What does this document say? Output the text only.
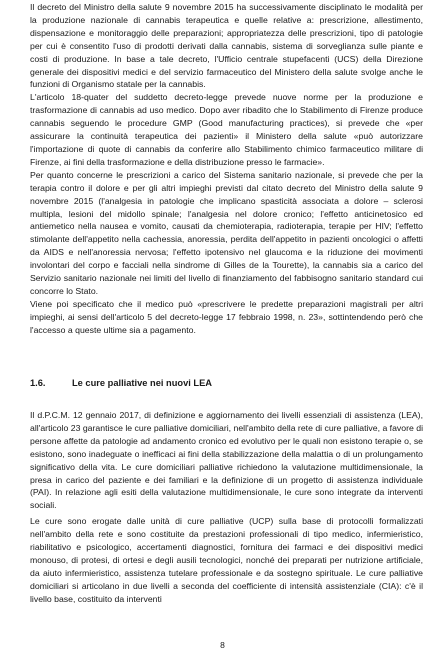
Il decreto del Ministro della salute 9 novembre 2015 ha successivamente disciplinato le modalità per la produzione nazionale di cannabis terapeutica e quelle relative a: prescrizione, allestimento, dispensazione e monitoraggio delle preparazioni; appropriatezza delle prescrizioni, tipo di patologie per cui è consentito l'uso di prodotti derivati dalla cannabis, sistema di sorveglianza sulle piante e costi di produzione. In base a tale decreto, l'Ufficio centrale stupefacenti (UCS) della Direzione generale dei dispositivi medici e del servizio farmaceutico del Ministero della salute svolge anche le funzioni di Organismo statale per la cannabis.

L'articolo 18-quater del suddetto decreto-legge prevede nuove norme per la produzione e trasformazione di cannabis ad uso medico. Dopo aver ribadito che lo Stabilimento di Firenze produce cannabis seguendo le procedure GMP (Good manufacturing practices), si prevede che «per assicurare la continuità terapeutica dei pazienti» il Ministero della salute «può autorizzare l'importazione di quote di cannabis da conferire allo Stabilimento chimico farmaceutico militare di Firenze, ai fini della trasformazione e della distribuzione presso le farmacie».

Per quanto concerne le prescrizioni a carico del Sistema sanitario nazionale, si prevede che per la terapia contro il dolore e per gli altri impieghi previsti dal citato decreto del Ministro della salute 9 novembre 2015 (l'analgesia in patologie che implicano spasticità associata a dolore – sclerosi multipla, lesioni del midollo spinale; l'analgesia nel dolore cronico; l'effetto anticinetosico ed antiemetico nella nausea e vomito, causati da chemioterapia, radioterapia, terapie per HIV; l'effetto stimolante dell'appetito nella cachessia, anoressia, perdita dell'appetito in pazienti oncologici o affetti da AIDS e nell'anoressia nervosa; l'effetto ipotensivo nel glaucoma e la riduzione dei movimenti involontari del corpo e facciali nella sindrome di Gilles de la Tourette), la cannabis sia a carico del Servizio sanitario nazionale nei limiti del livello di finanziamento del fabbisogno sanitario standard cui concorre lo Stato.

Viene poi specificato che il medico può «prescrivere le predette preparazioni magistrali per altri impieghi, ai sensi dell'articolo 5 del decreto-legge 17 febbraio 1998, n. 23», sottintendendo però che l'accesso a queste ultime sia a pagamento.

1.6.	Le cure palliative nei nuovi LEA

Il d.P.C.M. 12 gennaio 2017, di definizione e aggiornamento dei livelli essenziali di assistenza (LEA), all'articolo 23 garantisce le cure palliative domiciliari, nell'ambito della rete di cure palliative, a favore di persone affette da patologie ad andamento cronico ed evolutivo per le quali non esistono terapie o, se esistono, sono inadeguate o inefficaci ai fini della stabilizzazione della malattia o di un prolungamento significativo della vita. Le cure domiciliari palliative richiedono la valutazione multidimensionale, la presa in carico del paziente e dei familiari e la definizione di un progetto di assistenza individuale (PAI). In relazione agli esiti della valutazione multidimensionale, le cure sono integrate da interventi sociali.

Le cure sono erogate dalle unità di cure palliative (UCP) sulla base di protocolli formalizzati nell'ambito della rete e sono costituite da prestazioni professionali di tipo medico, infermieristico, riabilitativo e psicologico, accertamenti diagnostici, fornitura dei farmaci e dei dispositivi medici monouso, di protesi, di ortesi e degli ausili tecnologici, nonché dei preparati per nutrizione artificiale, da aiuto infermieristico, assistenza tutelare professionale e da sostegno spirituale. Le cure palliative domiciliari si articolano in due livelli a seconda del coefficiente di intensità assistenziale (CIA): c'è il livello base, costituito da interventi

8
